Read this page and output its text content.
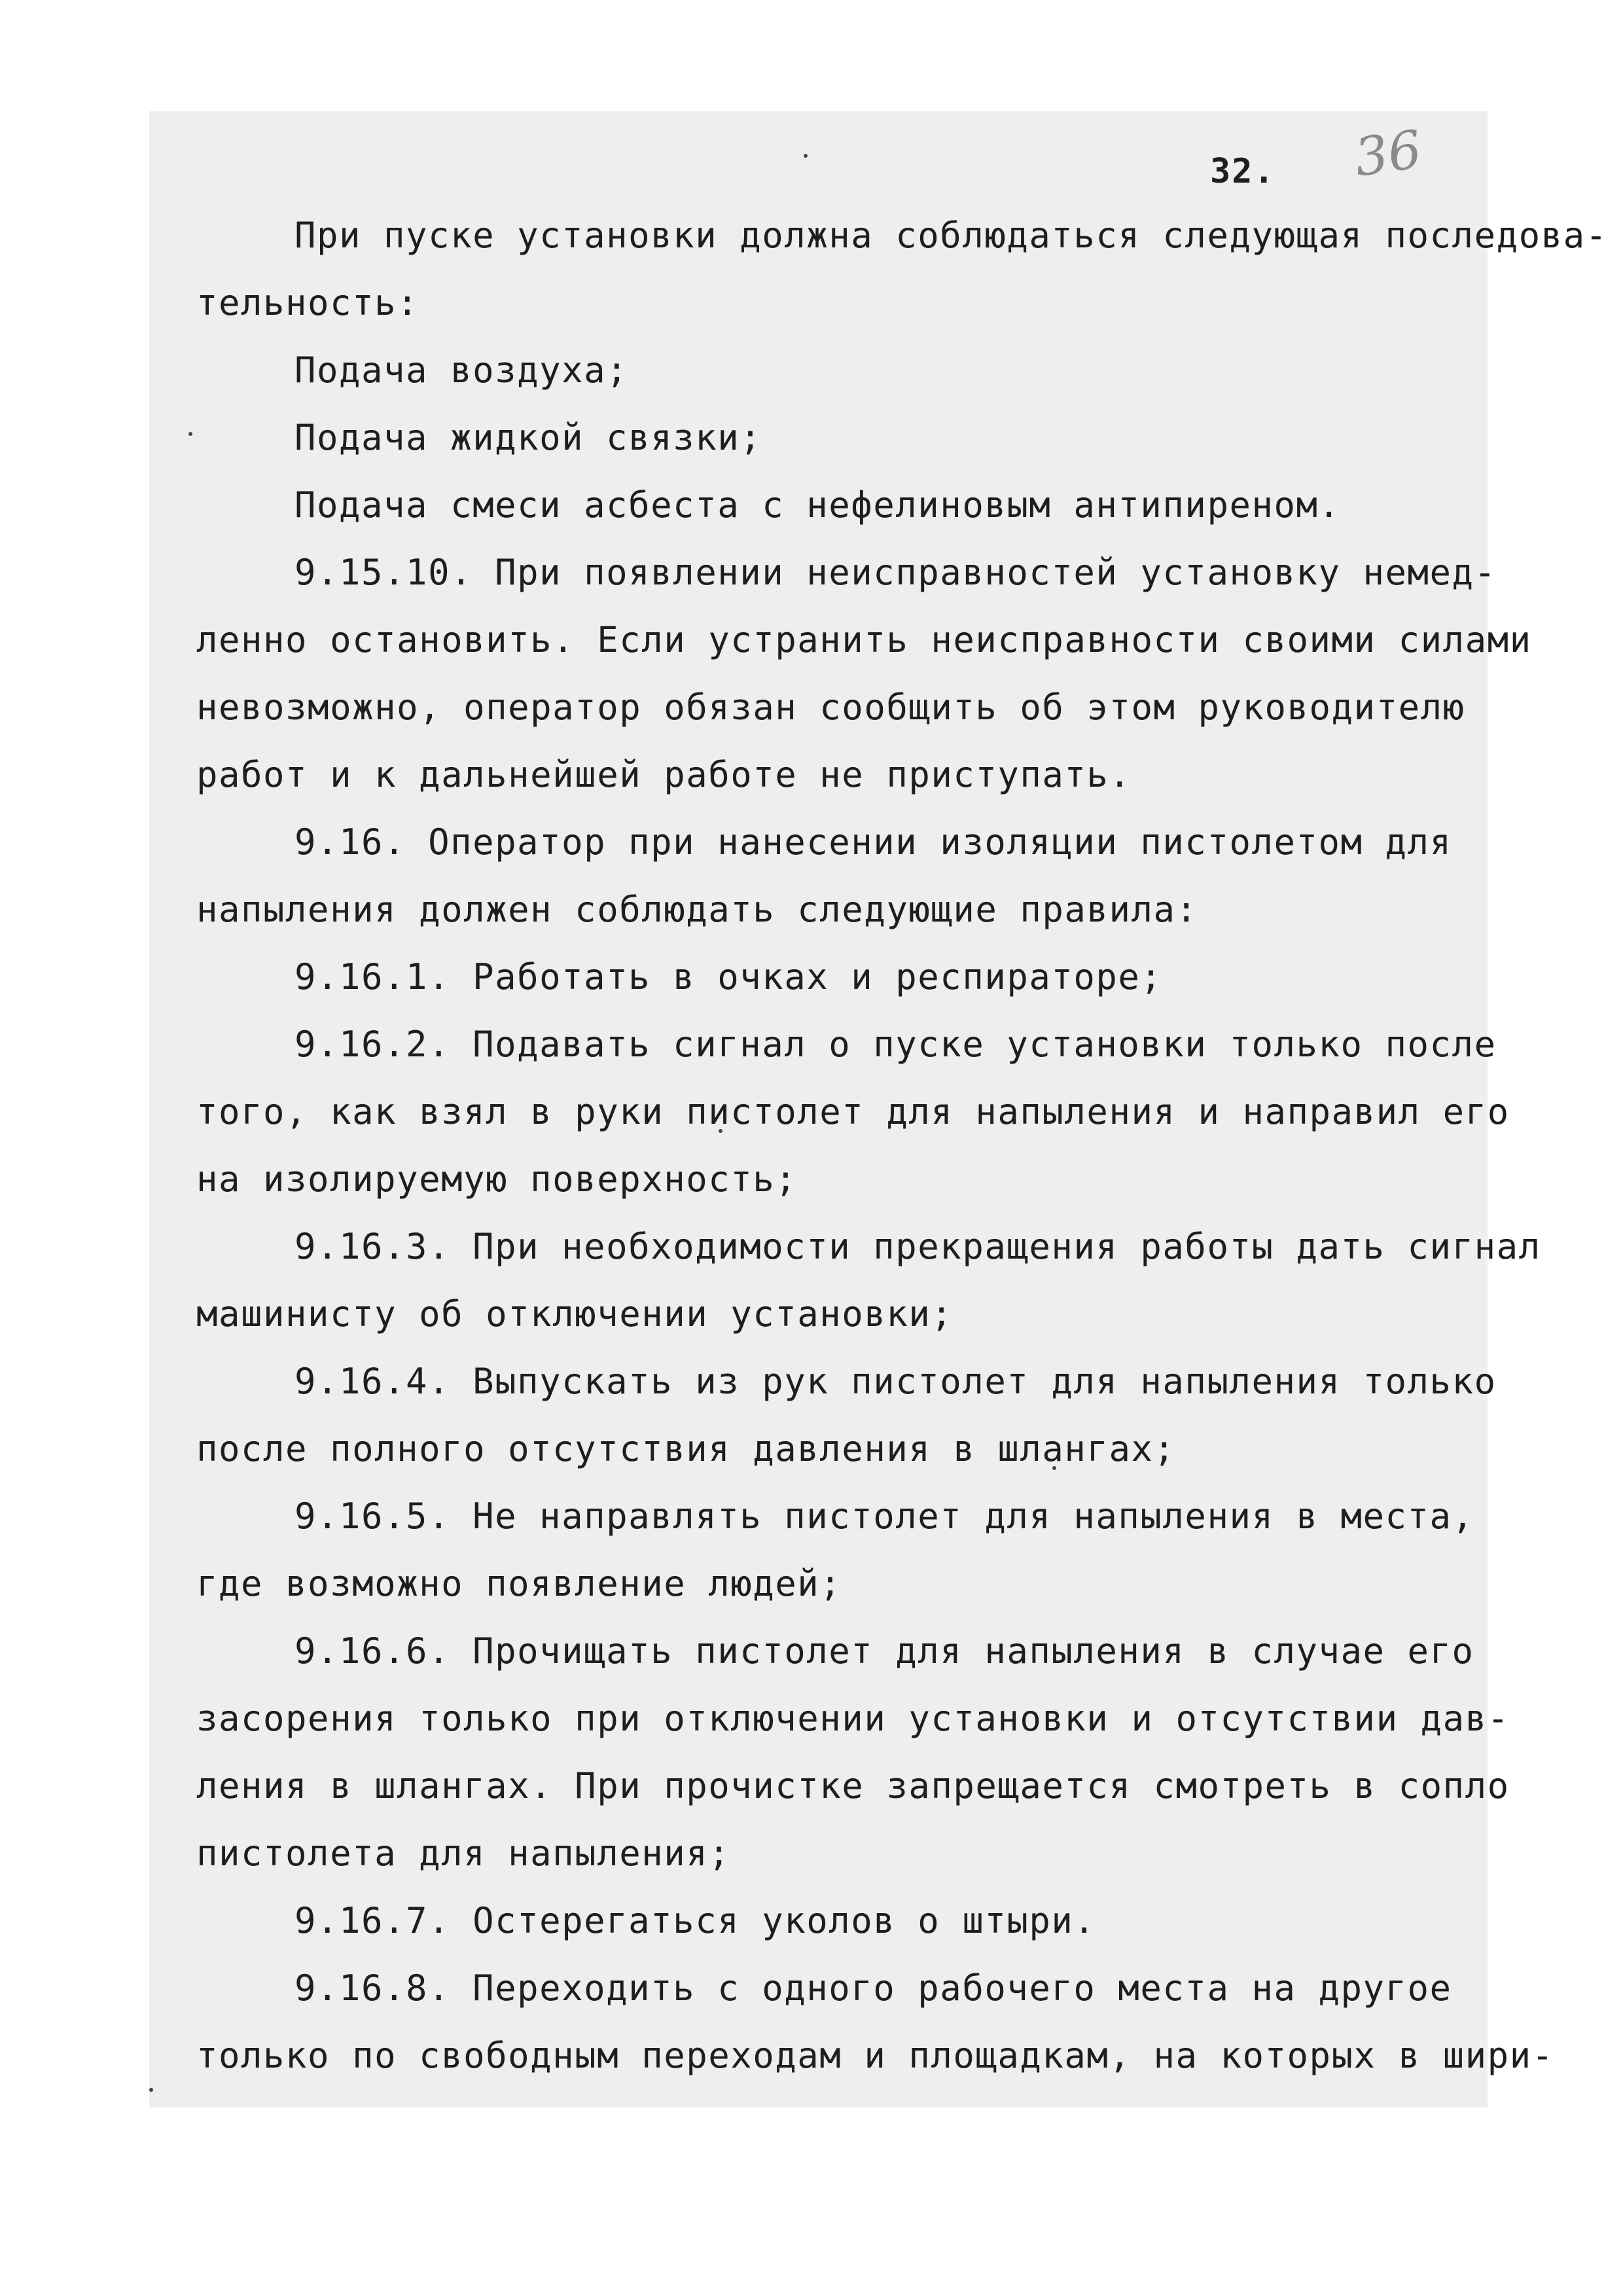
32. 36
При пуске установки должна соблюдаться следующая последова-
тельность:
Подача воздуха;
Подача жидкой связки;
Подача смеси асбеста с нефелиновым антипиреном.
9.15.10. При появлении неисправностей установку немед-
ленно остановить. Если устранить неисправности своими силами
невозможно, оператор обязан сообщить об этом руководителю
работ и к дальнейшей работе не приступать.
9.16. Оператор при нанесении изоляции пистолетом для
напыления должен соблюдать следующие правила:
9.16.1. Работать в очках и респираторе;
9.16.2. Подавать сигнал о пуске установки только после
того, как взял в руки пистолет для напыления и направил его
на изолируемую поверхность;
9.16.3. При необходимости прекращения работы дать сигнал
машинисту об отключении установки;
9.16.4. Выпускать из рук пистолет для напыления только
после полного отсутствия давления в шлангах;
9.16.5. Не направлять пистолет для напыления в места,
где возможно появление людей;
9.16.6. Прочищать пистолет для напыления в случае его
засорения только при отключении установки и отсутствии дав-
ления в шлангах. При прочистке запрещается смотреть в сопло
пистолета для напыления;
9.16.7. Остерегаться уколов о штыри.
9.16.8. Переходить с одного рабочего места на другое
только по свободным переходам и площадкам, на которых в шири-
